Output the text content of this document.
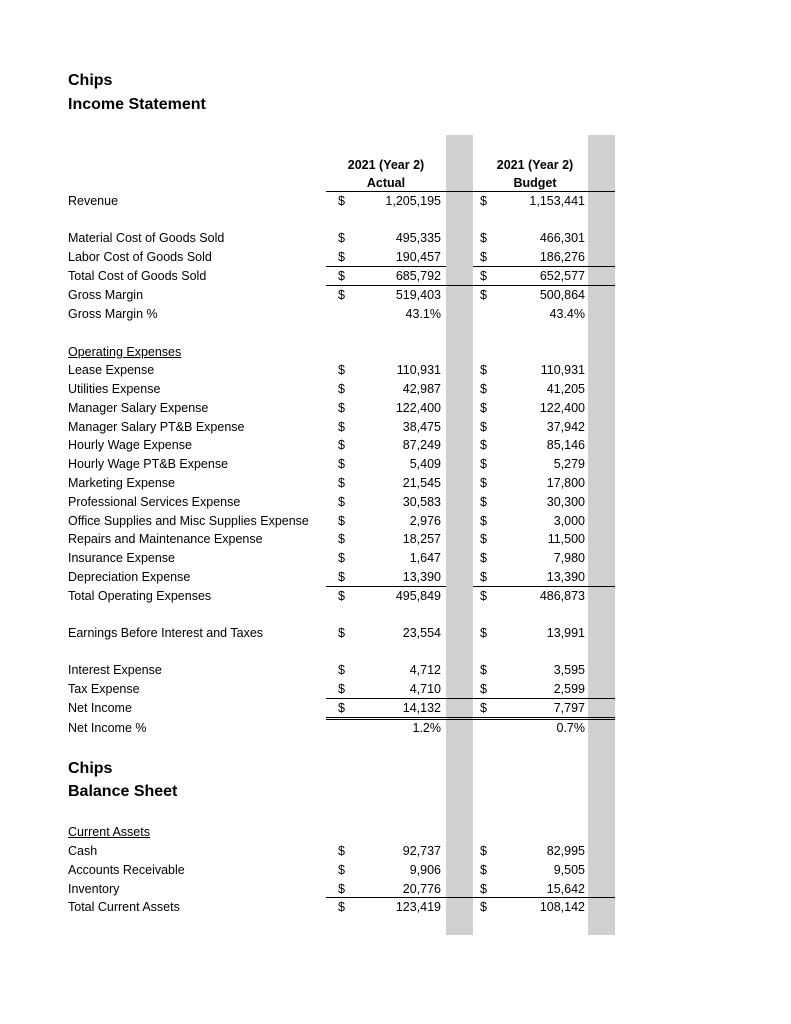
Chips
Income Statement
2021 (Year 2)
Actual
2021 (Year 2)
Budget
Revenue	$	1,205,195	$	1,153,441
Material Cost of Goods Sold	$	495,335	$	466,301
Labor Cost of Goods Sold	$	190,457	$	186,276
Total Cost of Goods Sold	$	685,792	$	652,577
Gross Margin	$	519,403	$	500,864
Gross Margin %	43.1%	43.4%
Operating Expenses
Lease Expense	$	110,931	$	110,931
Utilities Expense	$	42,987	$	41,205
Manager Salary Expense	$	122,400	$	122,400
Manager Salary PT&B Expense	$	38,475	$	37,942
Hourly Wage Expense	$	87,249	$	85,146
Hourly Wage PT&B Expense	$	5,409	$	5,279
Marketing Expense	$	21,545	$	17,800
Professional Services Expense	$	30,583	$	30,300
Office Supplies and Misc Supplies Expense $	2,976	$	3,000
Repairs and Maintenance Expense	$	18,257	$	11,500
Insurance Expense	$	1,647	$	7,980
Depreciation Expense	$	13,390	$	13,390
Total Operating Expenses	$	495,849	$	486,873
Earnings Before Interest and Taxes	$	23,554	$	13,991
Interest Expense	$	4,712	$	3,595
Tax Expense	$	4,710	$	2,599
Net Income	$	14,132	$	7,797
Net Income %	1.2%	0.7%
Chips
Balance Sheet
Current Assets
Cash	$	92,737	$	82,995
Accounts Receivable	$	9,906	$	9,505
Inventory	$	20,776	$	15,642
Total Current Assets	$	123,419	$	108,142
